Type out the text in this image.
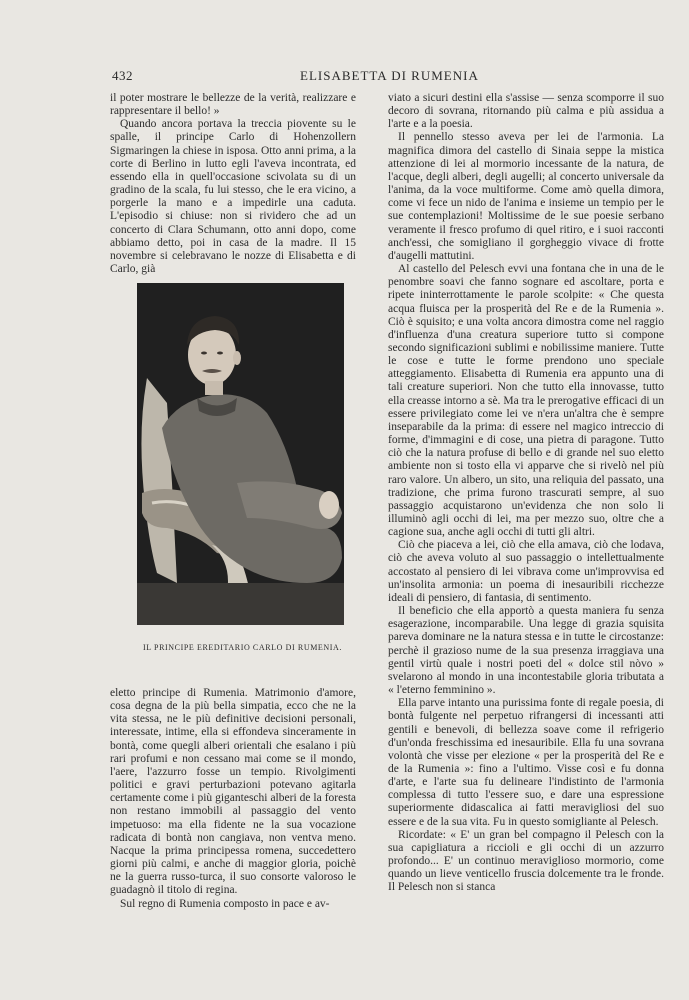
432	ELISABETTA DI RUMENIA

il poter mostrare le bellezze de la verità, realizzare e rappresentare il bello! »

Quando ancora portava la treccia piovente su le spalle, il principe Carlo di Hohenzollern Sigmaringen la chiese in isposa. Otto anni prima, a la corte di Berlino in lutto egli l'aveva incontrata, ed essendo ella in quell'occasione scivolata su di un gradino de la scala, fu lui stesso, che le era vicino, a porgerle la mano e a impedirle una caduta. L'episodio si chiuse: non si rividero che ad un concerto di Clara Schumann, otto anni dopo, come abbiamo detto, poi in casa de la madre. Il 15 novembre si celebravano le nozze di Elisabetta e di Carlo, già

IL PRINCIPE EREDITARIO CARLO DI RUMENIA.

eletto principe di Rumenia. Matrimonio d'amore, cosa degna de la più bella simpatia, ecco che ne la vita stessa, ne le più definitive decisioni personali, interessate, intime, ella si effondeva sinceramente in bontà, come quegli alberi orientali che esalano i più rari profumi e non cessano mai come se il mondo, l'aere, l'azzurro fosse un tempio. Rivolgimenti politici e gravi perturbazioni potevano agitarla certamente come i più giganteschi alberi de la foresta non restano immobili al passaggio del vento impetuoso: ma ella fidente ne la sua vocazione radicata di bontà non cangiava, non ventva meno. Nacque la prima principessa romena, succedettero giorni più calmi, e anche di maggior gloria, poichè ne la guerra russo-turca, il suo consorte valoroso le guadagnò il titolo di regina.

Sul regno di Rumenia composto in pace e av-

viato a sicuri destini ella s'assise — senza scomporre il suo decoro di sovrana, ritornando più calma e più assidua a l'arte e a la poesia.

Il pennello stesso aveva per lei de l'armonia. La magnifica dimora del castello di Sinaia seppe la mistica attenzione di lei al mormorio incessante de la natura, de l'acque, degli alberi, degli augelli; al concerto universale da l'anima, da la voce multiforme. Come amò quella dimora, come vi fece un nido de l'anima e insieme un tempio per le sue contemplazioni! Moltissime de le sue poesie serbano veramente il fresco profumo di quel ritiro, e i suoi racconti anch'essi, che somigliano il gorgheggio vivace di frotte d'augelli mattutini.

Al castello del Pelesch evvi una fontana che in una de le penombre soavi che fanno sognare ed ascoltare, porta e ripete ininterrottamente le parole scolpite: « Che questa acqua fluisca per la prosperità del Re e de la Rumenia ». Ciò è squisito; e una volta ancora dimostra come nel raggio d'influenza d'una creatura superiore tutto si compone secondo significazioni sublimi e nobilissime maniere. Tutte le cose e tutte le forme prendono uno speciale atteggiamento. Elisabetta di Rumenia era appunto una di tali creature superiori. Non che tutto ella innovasse, tutto ella creasse intorno a sè. Ma tra le prerogative efficaci di un essere privilegiato come lei ve n'era un'altra che è sempre inseparabile da la prima: di essere nel magico intreccio di forme, d'immagini e di cose, una pietra di paragone. Tutto ciò che la natura profuse di bello e di grande nel suo eletto ambiente non si tosto ella vi apparve che si rivelò nel più raro valore. Un albero, un sito, una reliquia del passato, una tradizione, che prima furono trascurati sempre, al suo passaggio acquistarono un'evidenza che non solo li illuminò agli occhi di lei, ma per mezzo suo, oltre che a cagione sua, anche agli occhi di tutti gli altri.

Ciò che piaceva a lei, ciò che ella amava, ciò che lodava, ciò che aveva voluto al suo passaggio o intellettualmente accostato al pensiero di lei vibrava come un'improvvisa ed un'insolita armonia: un poema di inesauribili ricchezze ideali di pensiero, di fantasia, di sentimento.

Il beneficio che ella apportò a questa maniera fu senza esagerazione, incomparabile. Una legge di grazia squisita pareva dominare ne la natura stessa e in tutte le circostanze: perchè il grazioso nume de la sua presenza irraggiava una gentil virtù quale i nostri poeti del « dolce stil nòvo » svelarono al mondo in una incontestabile gloria tributata a « l'eterno femminino ».

Ella parve intanto una purissima fonte di regale poesia, di bontà fulgente nel perpetuo rifrangersi di incessanti atti gentili e benevoli, di bellezza soave come il refrigerio d'un'onda freschissima ed inesauribile. Ella fu una sovrana volontà che visse per elezione « per la prosperità del Re e de la Rumenia »: fino a l'ultimo. Visse così e fu donna d'arte, e l'arte sua fu delineare l'indistinto de l'armonia complessa di tutto l'essere suo, e dare una espressione superiormente didascalica ai fatti meravigliosi del suo essere e de la sua vita. Fu in questo somigliante al Pelesch.

Ricordate: « E' un gran bel compagno il Pelesch con la sua capigliatura a riccioli e gli occhi di un azzurro profondo... E' un continuo meraviglioso mormorio, come quando un lieve venticello fruscia dolcemente tra le fronde. Il Pelesch non si stanca
